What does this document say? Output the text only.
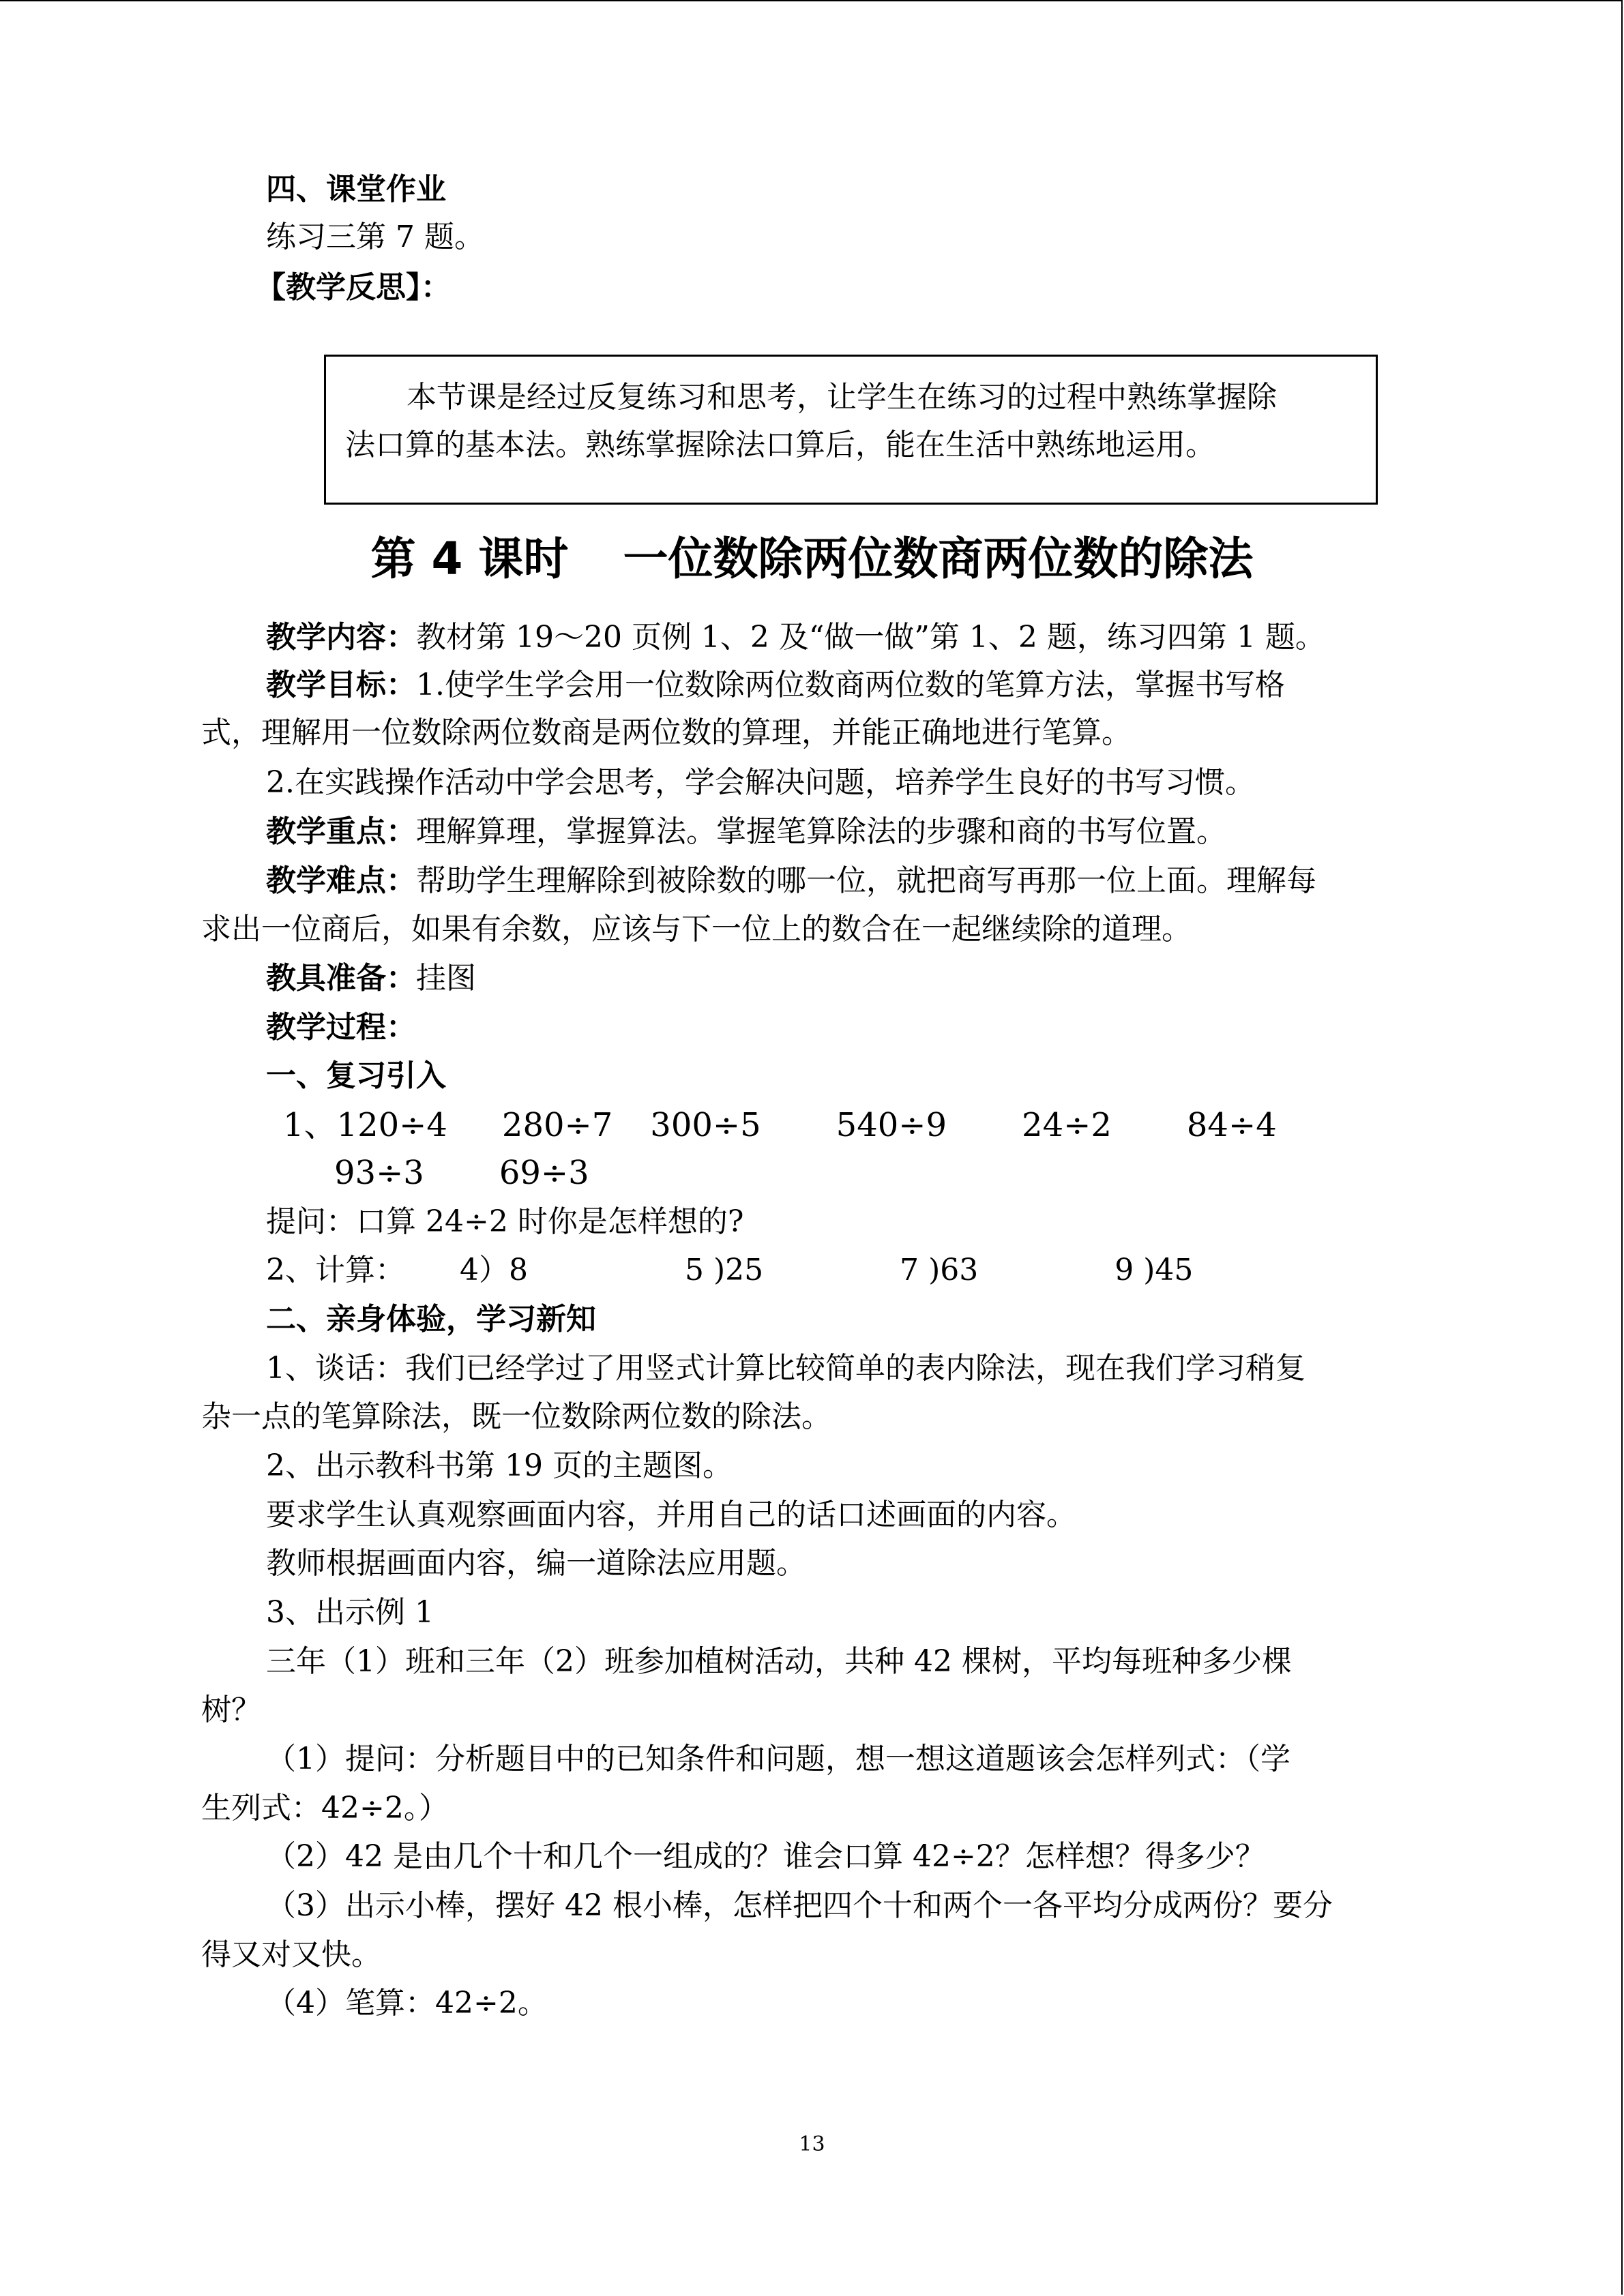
四、课堂作业
练习三第 7 题。
【教学反思】：
本节课是经过反复练习和思考，让学生在练习的过程中熟练掌握除
法口算的基本法。熟练掌握除法口算后，能在生活中熟练地运用。
第 4 课时 一位数除两位数商两位数的除法
教学内容：教材第 19～20 页例 1、2 及“做一做”第 1、2 题，练习四第 1 题。
教学目标：1.使学生学会用一位数除两位数商两位数的笔算方法，掌握书写格
式，理解用一位数除两位数商是两位数的算理，并能正确地进行笔算。
2.在实践操作活动中学会思考，学会解决问题，培养学生良好的书写习惯。
教学重点：理解算理，掌握算法。掌握笔算除法的步骤和商的书写位置。
教学难点：帮助学生理解除到被除数的哪一位，就把商写再那一位上面。理解每
求出一位商后，如果有余数，应该与下一位上的数合在一起继续除的道理。
教具准备：挂图
教学过程：
一、复习引入
1、120÷4 280÷7 300÷5 540÷9 24÷2 84÷4
93÷3 69÷3
提问：口算 24÷2 时你是怎样想的?
2、计算： 4）8	5 )25	7 )63	9 )45
二、亲身体验，学习新知
1、谈话：我们已经学过了用竖式计算比较简单的表内除法，现在我们学习稍复
杂一点的笔算除法，既一位数除两位数的除法。
2、出示教科书第 19 页的主题图。
要求学生认真观察画面内容，并用自己的话口述画面的内容。
教师根据画面内容，编一道除法应用题。
3、出示例 1
三年（1）班和三年（2）班参加植树活动，共种 42 棵树，平均每班种多少棵
树？
（1）提问：分析题目中的已知条件和问题，想一想这道题该会怎样列式：（学
生列式：42÷2。）
（2）42 是由几个十和几个一组成的？谁会口算 42÷2？怎样想？得多少？
（3）出示小棒，摆好 42 根小棒，怎样把四个十和两个一各平均分成两份？要分
得又对又快。
（4）笔算：42÷2。
13
